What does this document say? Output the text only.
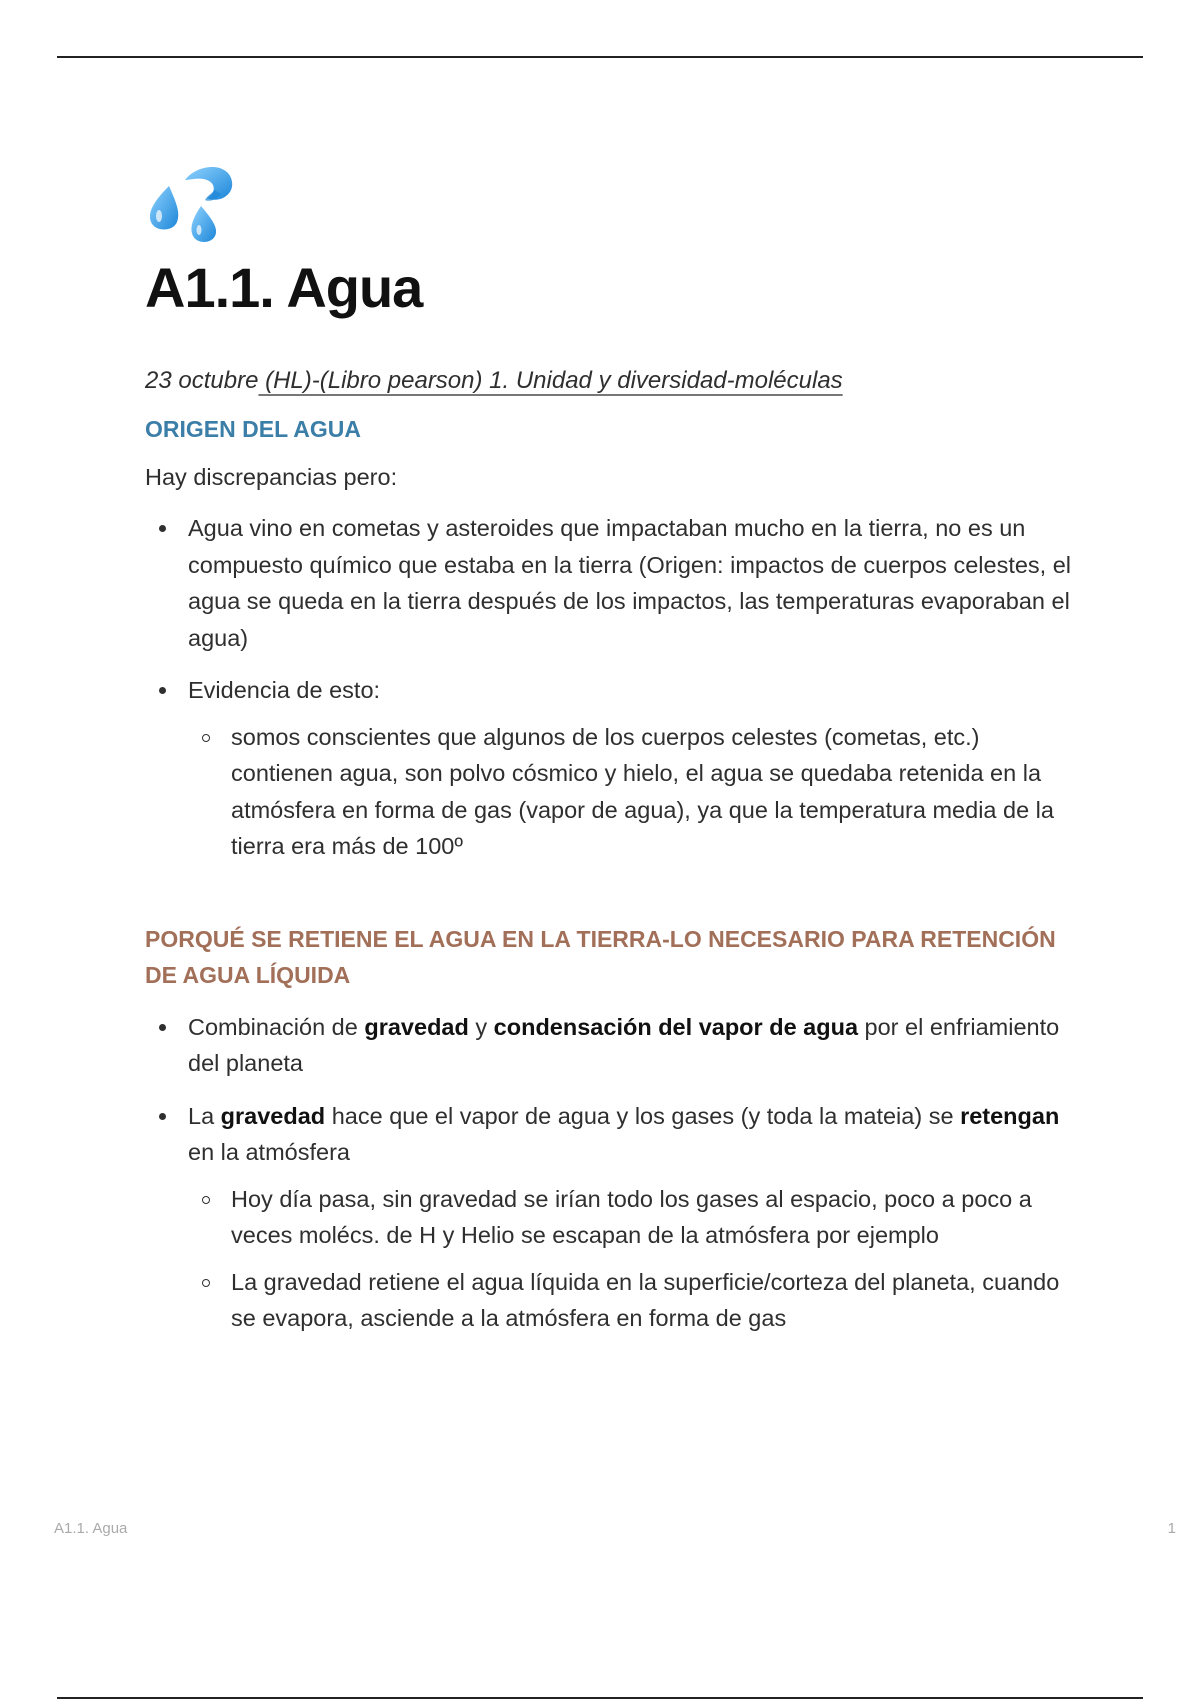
A1.1. Agua
23 octubre (HL)-(Libro pearson) 1. Unidad y diversidad-moléculas
ORIGEN DEL AGUA

Hay discrepancias pero:

Agua vino en cometas y asteroides que impactaban mucho en la tierra, no es un compuesto químico que estaba en la tierra (Origen: impactos de cuerpos celestes, el agua se queda en la tierra después de los impactos, las temperaturas evaporaban el agua)
Evidencia de esto:
somos conscientes que algunos de los cuerpos celestes (cometas, etc.) contienen agua, son polvo cósmico y hielo, el agua se quedaba retenida en la atmósfera en forma de gas (vapor de agua), ya que la temperatura media de la tierra era más de 100º
PORQUÉ SE RETIENE EL AGUA EN LA TIERRA-LO NECESARIO PARA RETENCIÓN DE AGUA LÍQUIDA
Combinación de gravedad y condensación del vapor de agua por el enfriamiento del planeta
La gravedad hace que el vapor de agua y los gases (y toda la mateia) se retengan en la atmósfera
Hoy día pasa, sin gravedad se irían todo los gases al espacio, poco a poco a veces molécs. de H y Helio se escapan de la atmósfera por ejemplo
La gravedad retiene el agua líquida en la superficie/corteza del planeta, cuando se evapora, asciende a la atmósfera en forma de gas
A1.1. Agua	1
